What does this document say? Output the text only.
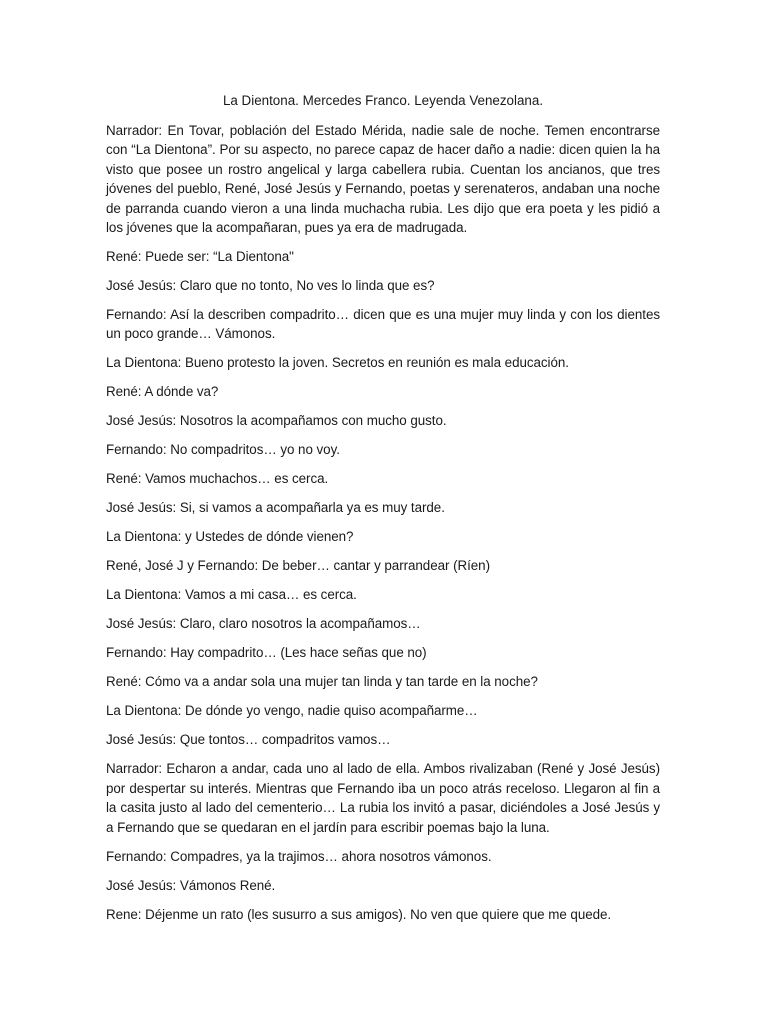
La Dientona. Mercedes Franco. Leyenda Venezolana.

Narrador: En Tovar, población del Estado Mérida, nadie sale de noche. Temen encontrarse con “La Dientona”. Por su aspecto, no parece capaz de hacer daño a nadie: dicen quien la ha visto que posee un rostro angelical y larga cabellera rubia. Cuentan los ancianos, que tres jóvenes del pueblo, René, José Jesús y Fernando, poetas y serenateros, andaban una noche de parranda cuando vieron a una linda muchacha rubia. Les dijo que era poeta y les pidió a los jóvenes que la acompañaran, pues ya era de madrugada.

René: Puede ser: “La Dientona"

José Jesús: Claro que no tonto, No ves lo linda que es?

Fernando: Así la describen compadrito… dicen que es una mujer muy linda y con los dientes un poco grande… Vámonos.

La Dientona: Bueno protesto la joven. Secretos en reunión es mala educación.

René: A dónde va?

José Jesús: Nosotros la acompañamos con mucho gusto.

Fernando: No compadritos… yo no voy.

René: Vamos muchachos… es cerca.

José Jesús: Si, si vamos a acompañarla ya es muy tarde.

La Dientona: y Ustedes de dónde vienen?

René, José J y Fernando: De beber… cantar y parrandear (Ríen)

La Dientona: Vamos a mi casa… es cerca.

José Jesús: Claro, claro nosotros la acompañamos…

Fernando: Hay compadrito… (Les hace señas que no)

René: Cómo va a andar sola una mujer tan linda y tan tarde en la noche?

La Dientona: De dónde yo vengo, nadie quiso acompañarme…

José Jesús: Que tontos… compadritos vamos…

Narrador: Echaron a andar, cada uno al lado de ella. Ambos rivalizaban (René y José Jesús) por despertar su interés. Mientras que Fernando iba un poco atrás receloso. Llegaron al fin a la casita justo al lado del cementerio… La rubia los invitó a pasar, diciéndoles a José Jesús y a Fernando que se quedaran en el jardín para escribir poemas bajo la luna.

Fernando: Compadres, ya la trajimos… ahora nosotros vámonos.

José Jesús: Vámonos René.

Rene: Déjenme un rato (les susurro a sus amigos). No ven que quiere que me quede.
